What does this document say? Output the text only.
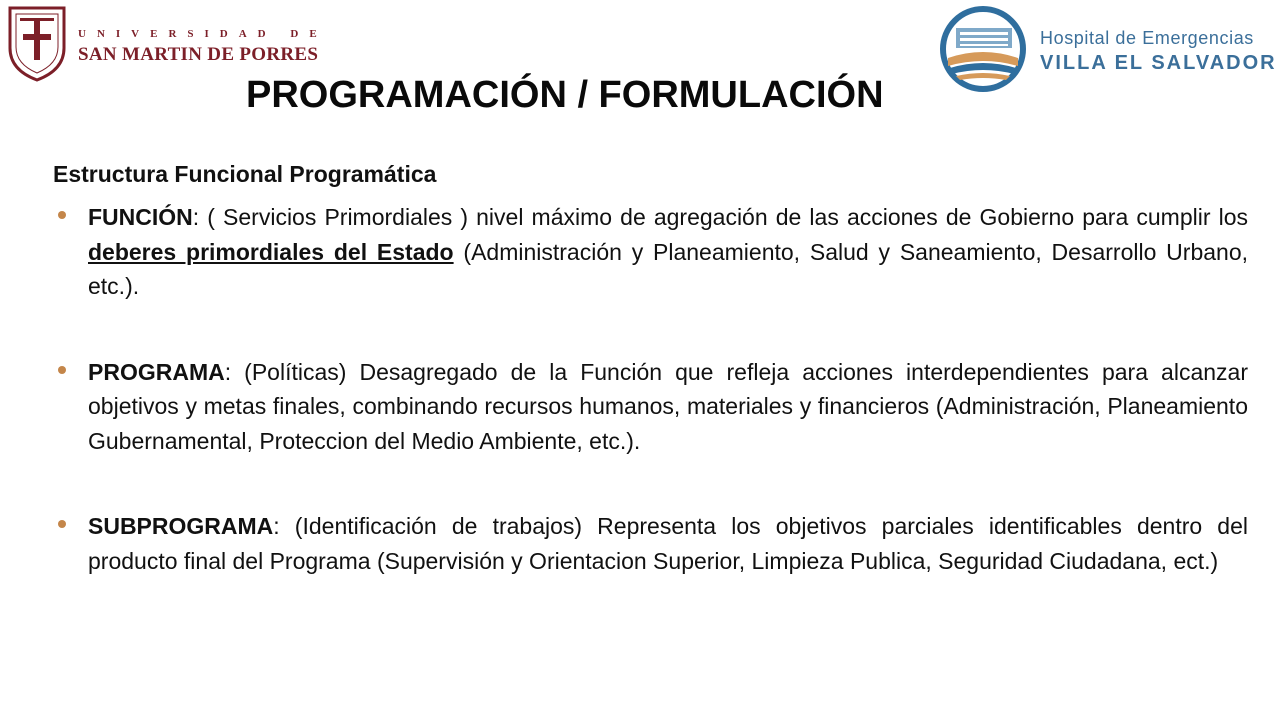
UNIVERSIDAD DE
SAN MARTIN DE PORRES
Hospital de Emergencias
VILLA EL SALVADOR
PROGRAMACIÓN / FORMULACIÓN
Estructura Funcional Programática
FUNCIÓN: ( Servicios Primordiales ) nivel máximo de agregación de las acciones de Gobierno para cumplir los deberes primordiales del Estado (Administración y Planeamiento, Salud y Saneamiento, Desarrollo Urbano, etc.).
PROGRAMA: (Políticas) Desagregado de la Función que refleja acciones interdependientes para alcanzar objetivos y metas finales, combinando recursos humanos, materiales y financieros (Administración, Planeamiento Gubernamental, Proteccion del Medio Ambiente, etc.).
SUBPROGRAMA: (Identificación de trabajos) Representa los objetivos parciales identificables dentro del producto final del Programa (Supervisión y Orientacion Superior, Limpieza Publica, Seguridad Ciudadana, ect.)
